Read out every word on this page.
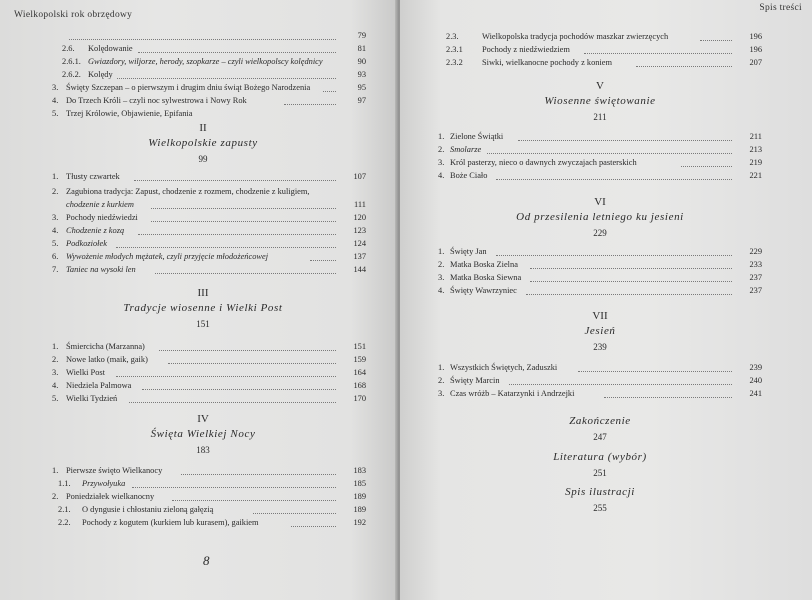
Wielkopolski rok obrzędowy
79
2.6. Kolędowanie	81
2.6.1. Gwiazdory, wiljorze, herody, szopkarze – czyli wielkopolscy kolędnicy	90
2.6.2. Kolędy	93
3. Święty Szczepan – o pierwszym i drugim dniu świąt Bożego Narodzenia	95
4. Do Trzech Króli – czyli noc sylwestrowa i Nowy Rok	97
5. Trzej Królowie, Objawienie, Epifania
II
Wielkopolskie zapusty
99
1. Tłusty czwartek	107
2. Zagubiona tradycja: Zapust, chodzenie z rozmem, chodzenie z kuligiem,
chodzenie z kurkiem	111
3. Pochody niedźwiedzi	120
4. Chodzenie z kozą	123
5. Podkoziołek	124
6. Wywożenie młodych mężatek, czyli przyjęcie młodożeńcowej	137
7. Taniec na wysoki len	144
III
Tradycje wiosenne i Wielki Post
151
1. Śmiercicha (Marzanna)	151
2. Nowe latko (maik, gaik)	159
3. Wielki Post	164
4. Niedziela Palmowa	168
5. Wielki Tydzień	170
IV
Święta Wielkiej Nocy
183
1. Pierwsze święto Wielkanocy	183
1.1. Przywołyuka	185
2. Poniedziałek wielkanocny	189
2.1. O dyngusie i chłostaniu zieloną gałęzią	189
2.2. Pochody z kogutem (kurkiem lub kurasem), gaikiem	192
8
Spis treści
2.3.	Wielkopolska tradycja pochodów maszkar zwierzęcych	196
2.3.1 Pochody z niedźwiedziem	196
2.3.2 Siwki, wielkanocne pochody z koniem	207
V
Wiosenne świętowanie
211
1. Zielone Świątki	211
2. Smolarze	213
3. Król pasterzy, nieco o dawnych zwyczajach pasterskich	219
4. Boże Ciało	221
VI
Od przesilenia letniego ku jesieni
229
1. Święty Jan	229
2. Matka Boska Zielna	233
3. Matka Boska Siewna	237
4. Święty Wawrzyniec	237
VII
Jesień
239
1. Wszystkich Świętych, Zaduszki	239
2. Święty Marcin	240
3. Czas wróżb – Katarzynki i Andrzejki	241
Zakończenie
247
Literatura (wybór)
251
Spis ilustracji
255
